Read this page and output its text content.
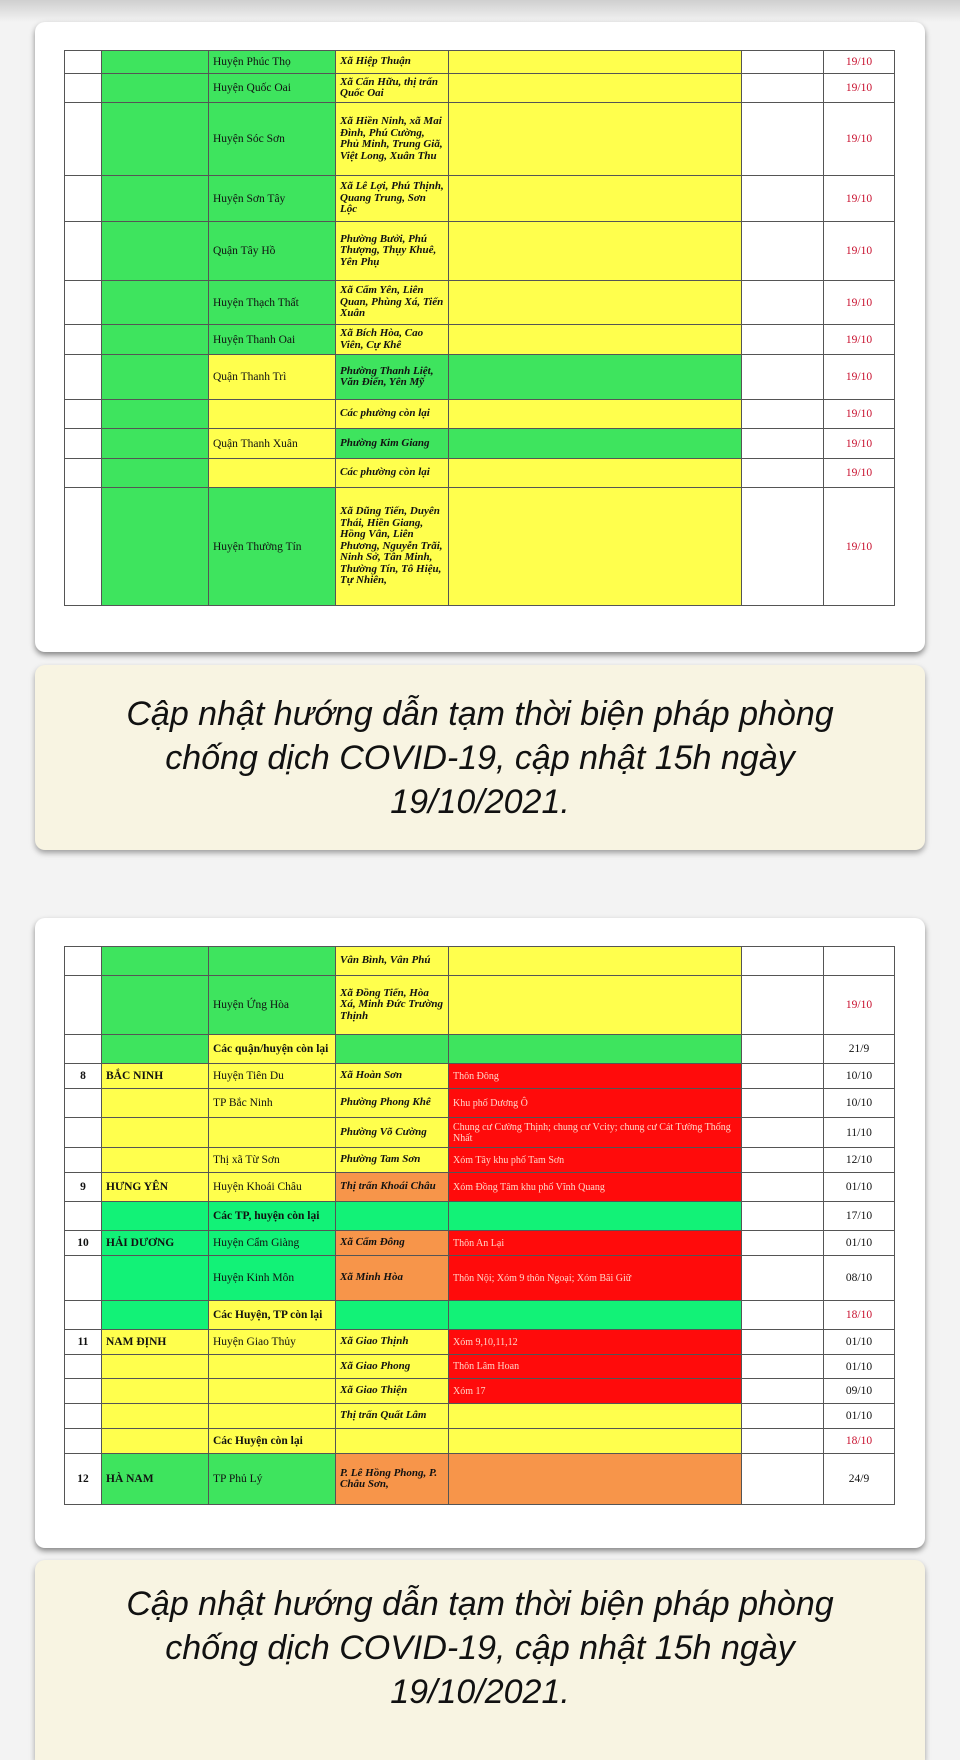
		Huyện Phúc Thọ	Xã Hiệp Thuận			19/10
		Huyện Quốc Oai	Xã Cấn Hữu, thị trấn Quốc Oai			19/10
		Huyện Sóc Sơn	Xã Hiền Ninh, xã Mai Đình, Phú Cường, Phủ Minh, Trung Giã, Việt Long, Xuân Thu			19/10
		Huyện Sơn Tây	Xã Lê Lợi, Phú Thịnh, Quang Trung, Sơn Lộc			19/10
		Quận Tây Hồ	Phường Bưởi, Phú Thượng, Thụy Khuê, Yên Phụ			19/10
		Huyện Thạch Thất	Xã Cẩm Yên, Liên Quan, Phùng Xá, Tiến Xuân			19/10
		Huyện Thanh Oai	Xã Bích Hòa, Cao Viên, Cự Khê			19/10
		Quận Thanh Trì	Phường Thanh Liệt, Văn Điển, Yên Mỹ			19/10
			Các phường còn lại			19/10
		Quận Thanh Xuân	Phường Kim Giang			19/10
			Các phường còn lại			19/10
		Huyện Thường Tín	Xã Dũng Tiến, Duyên Thái, Hiền Giang, Hồng Vân, Liên Phương, Nguyễn Trãi, Ninh Sở, Tân Minh, Thường Tín, Tô Hiệu, Tự Nhiên,			19/10
Cập nhật hướng dẫn tạm thời biện pháp phòng chống dịch COVID-19, cập nhật 15h ngày 19/10/2021.
			Vân Bình, Vân Phú			
		Huyện Ứng Hòa	Xã Đồng Tiến, Hòa Xá, Minh Đức Trường Thịnh			19/10
		Các quận/huyện còn lại				21/9
8	BẮC NINH	Huyện Tiên Du	Xã Hoàn Sơn	Thôn Đông		10/10
		TP Bắc Ninh	Phường Phong Khê	Khu phố Dương Ô		10/10
			Phường Võ Cường	Chung cư Cường Thịnh; chung cư Vcity; chung cư Cát Tường Thống Nhất		11/10
		Thị xã Từ Sơn	Phường Tam Sơn	Xóm Tây khu phố Tam Sơn		12/10
9	HƯNG YÊN	Huyện Khoái Châu	Thị trấn Khoái Châu	Xóm Đồng Tâm khu phố Vĩnh Quang		01/10
		Các TP, huyện còn lại				17/10
10	HẢI DƯƠNG	Huyện Cẩm Giàng	Xã Cẩm Đông	Thôn An Lại		01/10
		Huyện Kinh Môn	Xã Minh Hòa	Thôn Nội; Xóm 9 thôn Ngoại; Xóm Bãi Giữ		08/10
		Các Huyện, TP còn lại				18/10
11	NAM ĐỊNH	Huyện Giao Thủy	Xã Giao Thịnh	Xóm 9,10,11,12		01/10
			Xã Giao Phong	Thôn Lâm Hoan		01/10
			Xã Giao Thiện	Xóm 17		09/10
			Thị trấn Quất Lâm			01/10
		Các Huyện còn lại				18/10
12	HÀ NAM	TP Phủ Lý	P. Lê Hồng Phong, P. Châu Sơn,			24/9
Cập nhật hướng dẫn tạm thời biện pháp phòng chống dịch COVID-19, cập nhật 15h ngày 19/10/2021.
